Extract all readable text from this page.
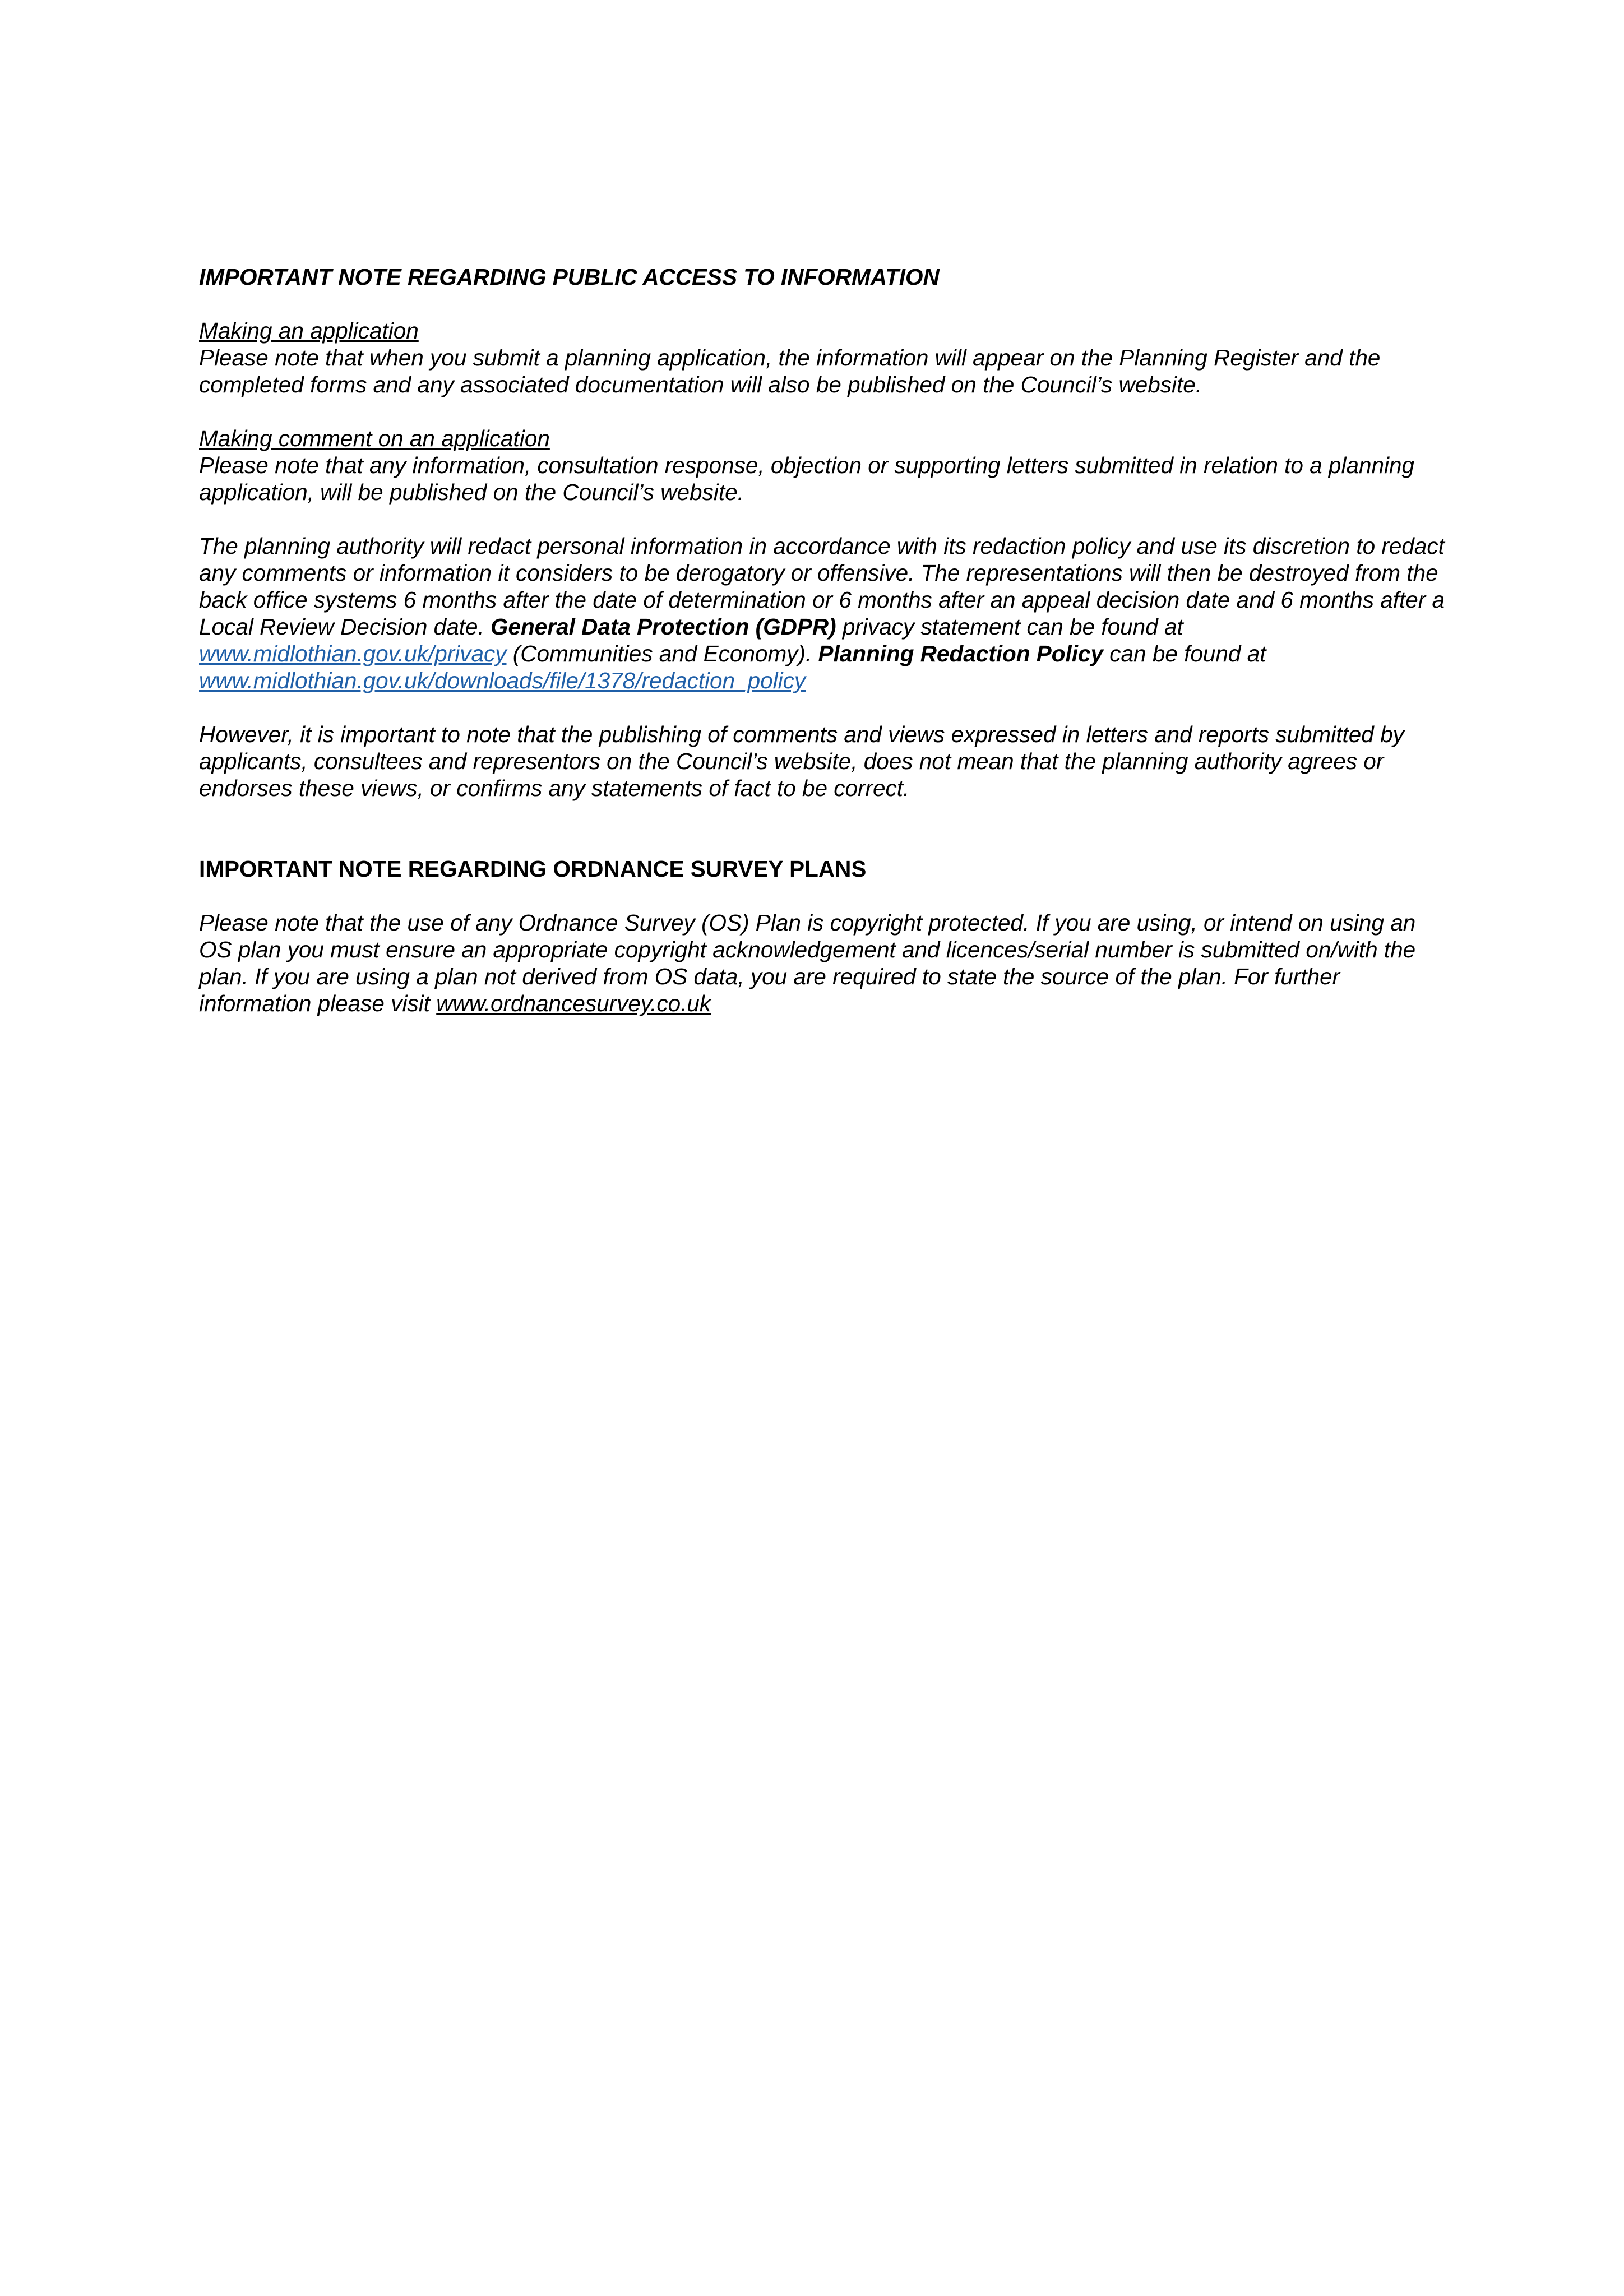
IMPORTANT NOTE REGARDING PUBLIC ACCESS TO INFORMATION

Making an application

Please note that when you submit a planning application, the information will appear on the Planning Register and the completed forms and any associated documentation will also be published on the Council’s website.

Making comment on an application

Please note that any information, consultation response, objection or supporting letters submitted in relation to a planning application, will be published on the Council’s website.

The planning authority will redact personal information in accordance with its redaction policy and use its discretion to redact any comments or information it considers to be derogatory or offensive. The representations will then be destroyed from the back office systems 6 months after the date of determination or 6 months after an appeal decision date and 6 months after a Local Review Decision date. General Data Protection (GDPR) privacy statement can be found at www.midlothian.gov.uk/privacy (Communities and Economy). Planning Redaction Policy can be found at
www.midlothian.gov.uk/downloads/file/1378/redaction_policy

However, it is important to note that the publishing of comments and views expressed in letters and reports submitted by applicants, consultees and representors on the Council’s website, does not mean that the planning authority agrees or endorses these views, or confirms any statements of fact to be correct.

IMPORTANT NOTE REGARDING ORDNANCE SURVEY PLANS

Please note that the use of any Ordnance Survey (OS) Plan is copyright protected. If you are using, or intend on using an OS plan you must ensure an appropriate copyright acknowledgement and licences/serial number is submitted on/with the plan. If you are using a plan not derived from OS data, you are required to state the source of the plan. For further information please visit www.ordnancesurvey.co.uk
